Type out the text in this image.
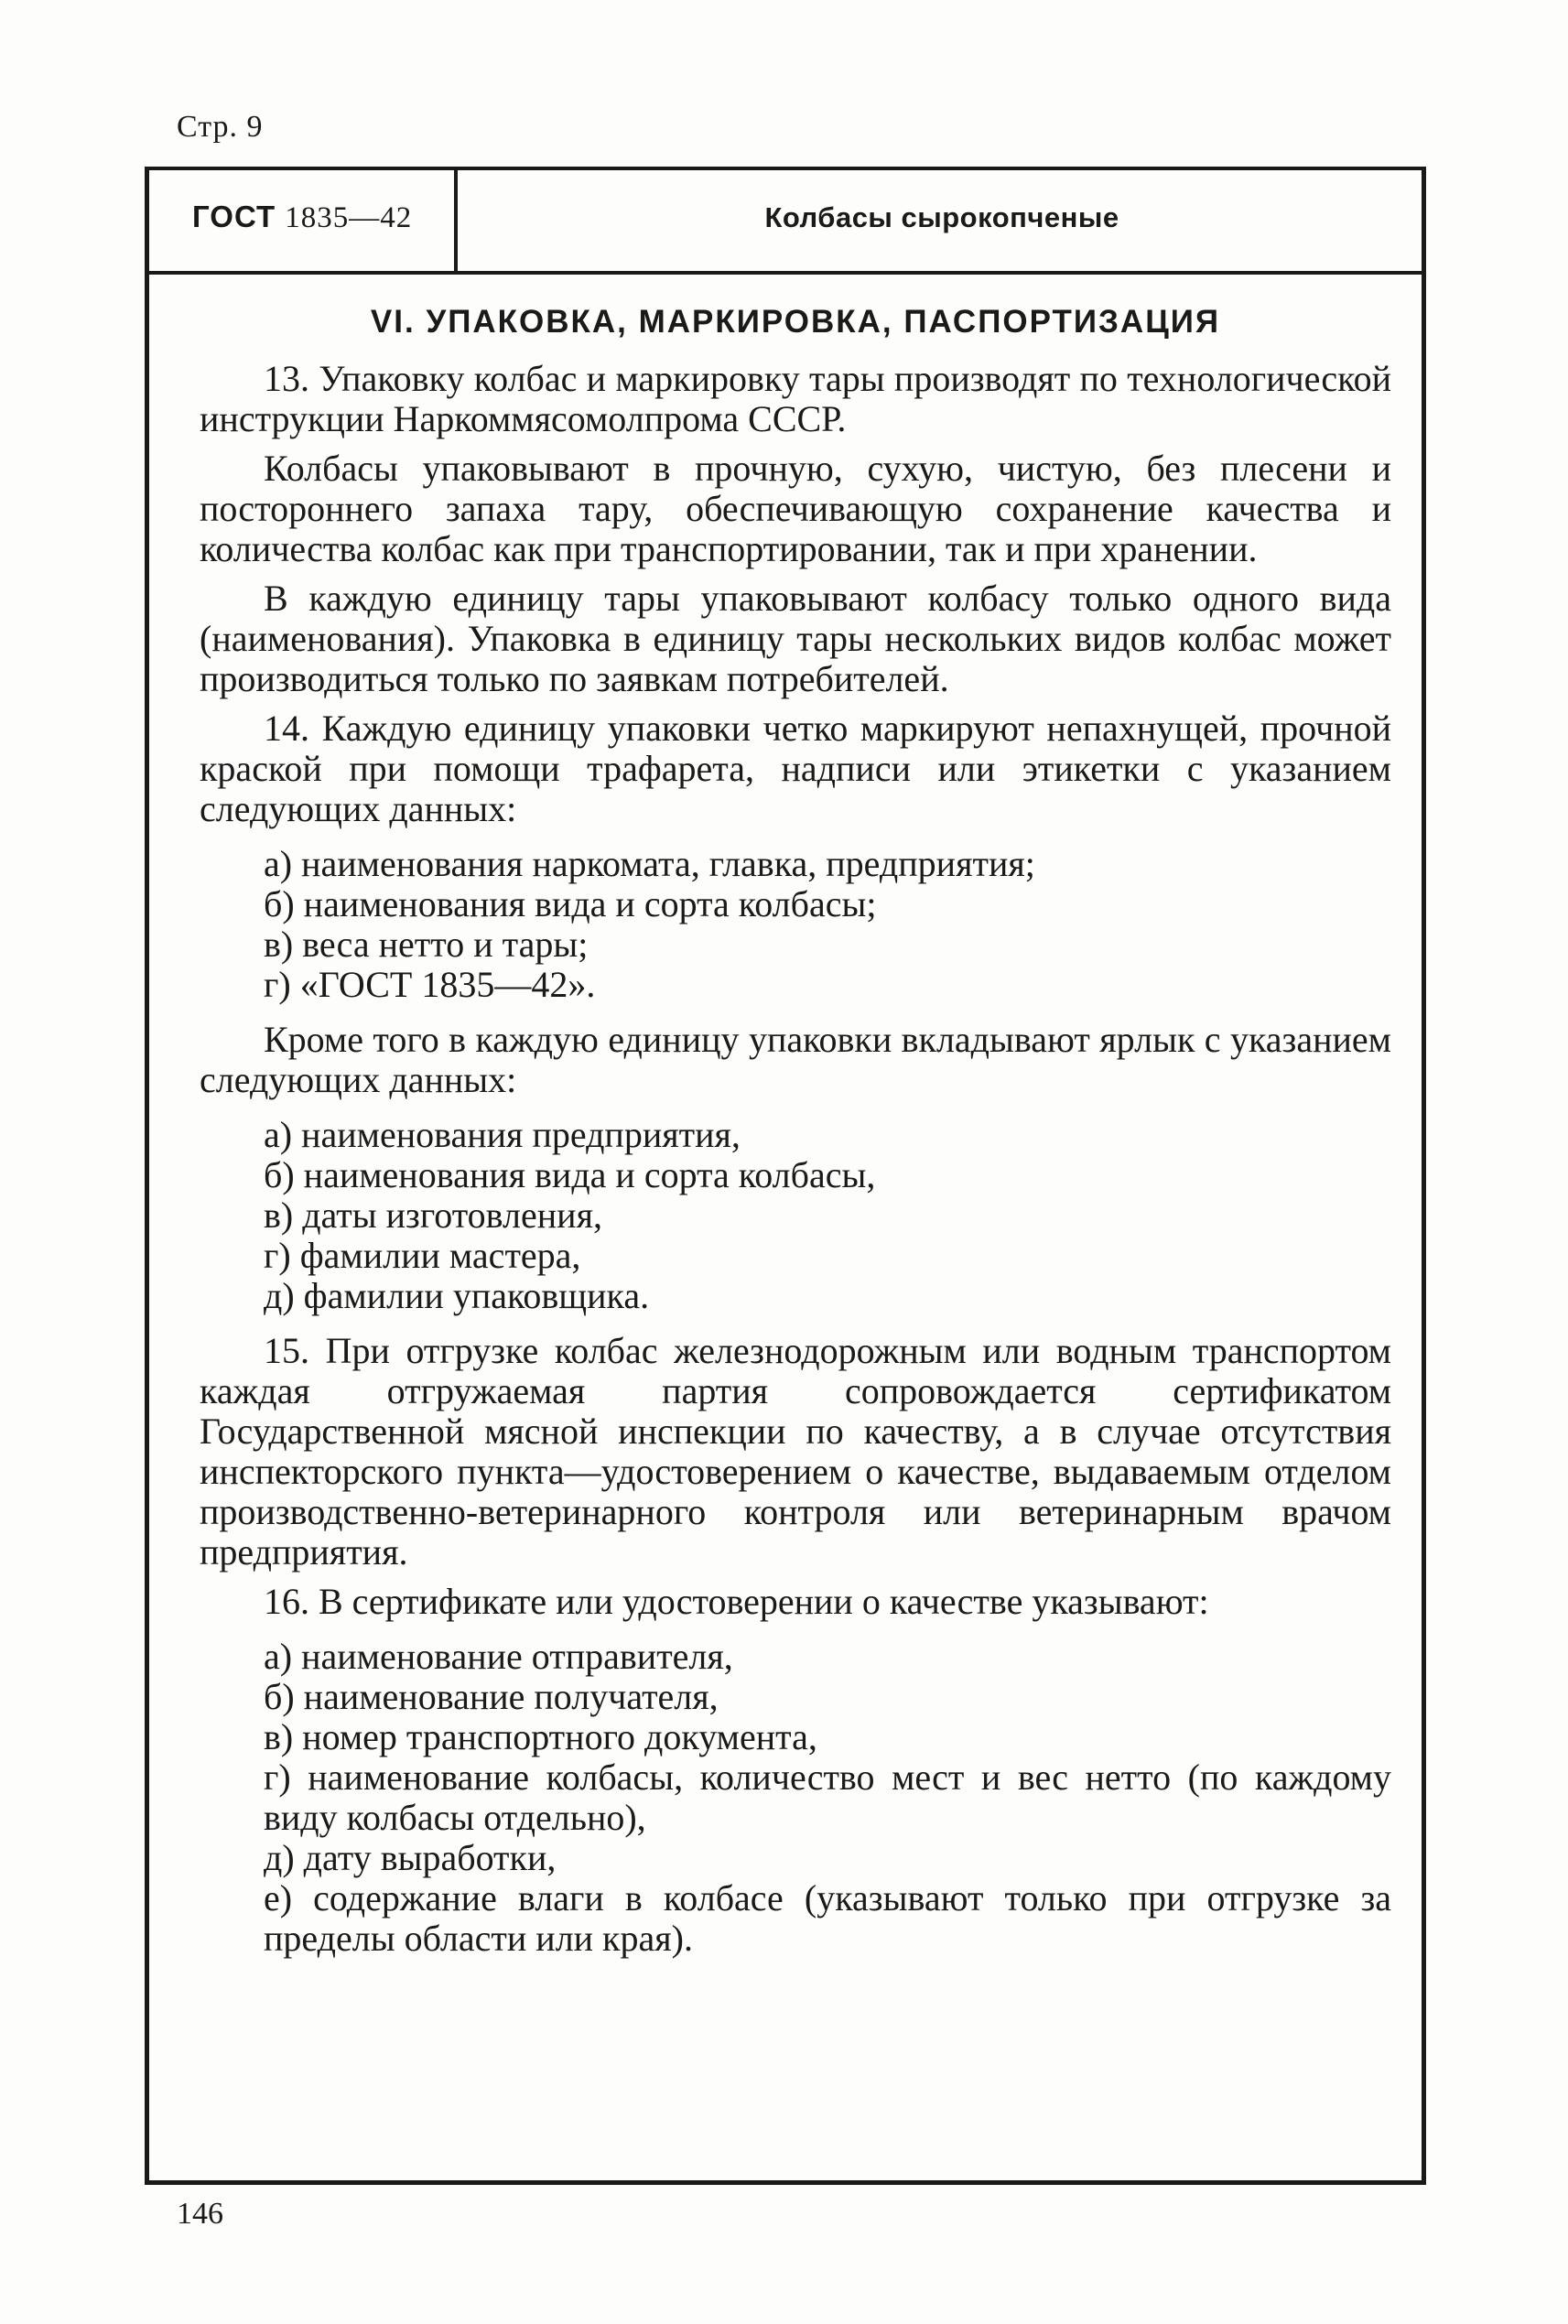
Стр. 9
ГОСТ 1835—42	Колбасы сырокопченые
VI. УПАКОВКА, МАРКИРОВКА, ПАСПОРТИЗАЦИЯ

13. Упаковку колбас и маркировку тары производят по технологической инструкции Наркоммясомолпрома СССР.

Колбасы упаковывают в прочную, сухую, чистую, без плесени и постороннего запаха тару, обеспечивающую сохранение качества и количества колбас как при транспортировании, так и при хранении.

В каждую единицу тары упаковывают колбасу только одного вида (наименования). Упаковка в единицу тары нескольких видов колбас может производиться только по заявкам потребителей.

14. Каждую единицу упаковки четко маркируют непахнущей, прочной краской при помощи трафарета, надписи или этикетки с указанием следующих данных:

а) наименования наркомата, главка, предприятия;
б) наименования вида и сорта колбасы;
в) веса нетто и тары;
г) «ГОСТ 1835—42».

Кроме того в каждую единицу упаковки вкладывают ярлык с указанием следующих данных:

а) наименования предприятия,
б) наименования вида и сорта колбасы,
в) даты изготовления,
г) фамилии мастера,
д) фамилии упаковщика.

15. При отгрузке колбас железнодорожным или водным транспортом каждая отгружаемая партия сопровождается сертификатом Государственной мясной инспекции по качеству, а в случае отсутствия инспекторского пункта—удостоверением о качестве, выдаваемым отделом производственно-ветеринарного контроля или ветеринарным врачом предприятия.

16. В сертификате или удостоверении о качестве указывают:

а) наименование отправителя,
б) наименование получателя,
в) номер транспортного документа,
г) наименование колбасы, количество мест и вес нетто (по каждому виду колбасы отдельно),
д) дату выработки,
е) содержание влаги в колбасе (указывают только при отгрузке за пределы области или края).
146
